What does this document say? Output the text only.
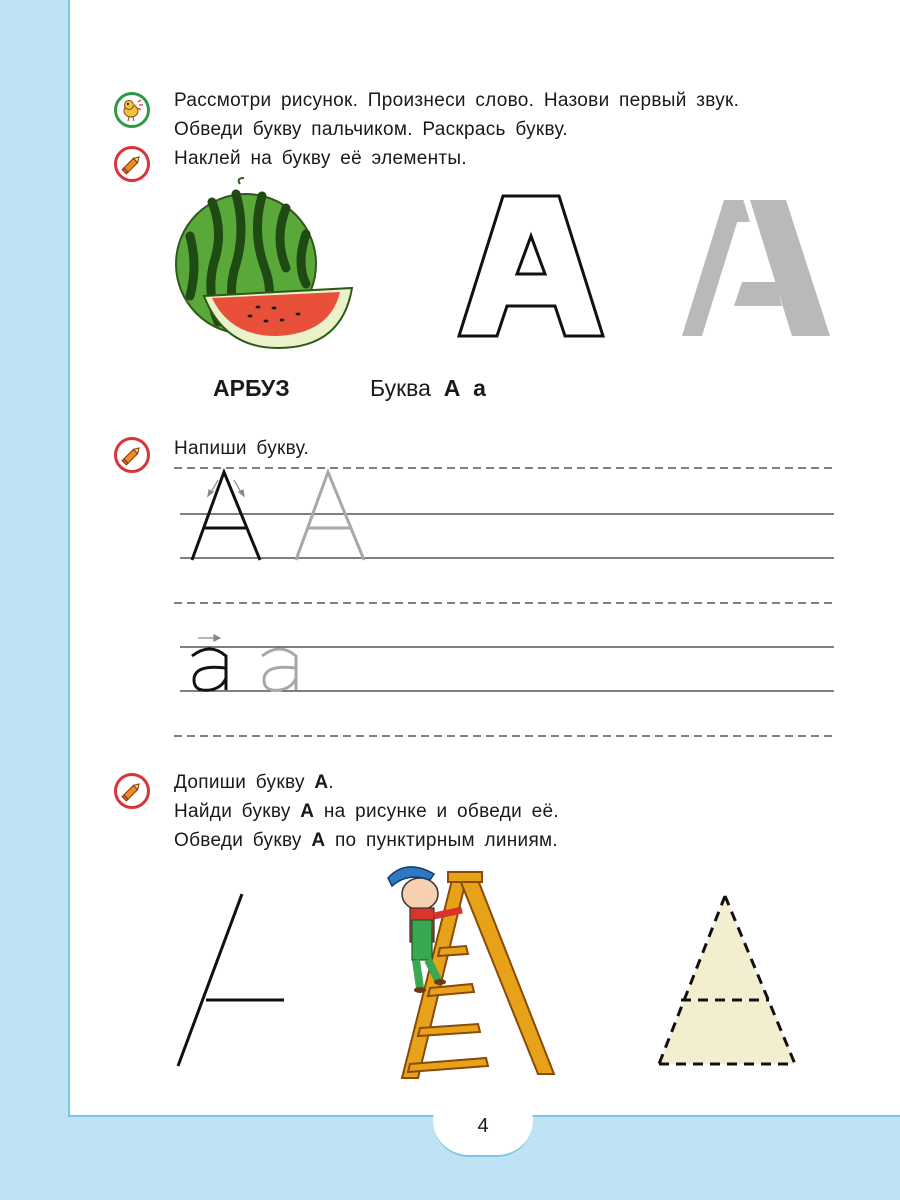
4
Рассмотри рисунок. Произнеси слово. Назови первый звук.
Обведи букву пальчиком. Раскрась букву.
Наклей на букву её элементы.
АРБУЗ	Буква А а
Напиши букву.
Допиши букву А.
Найди букву А на рисунке и обведи её.
Обведи букву А по пунктирным линиям.
